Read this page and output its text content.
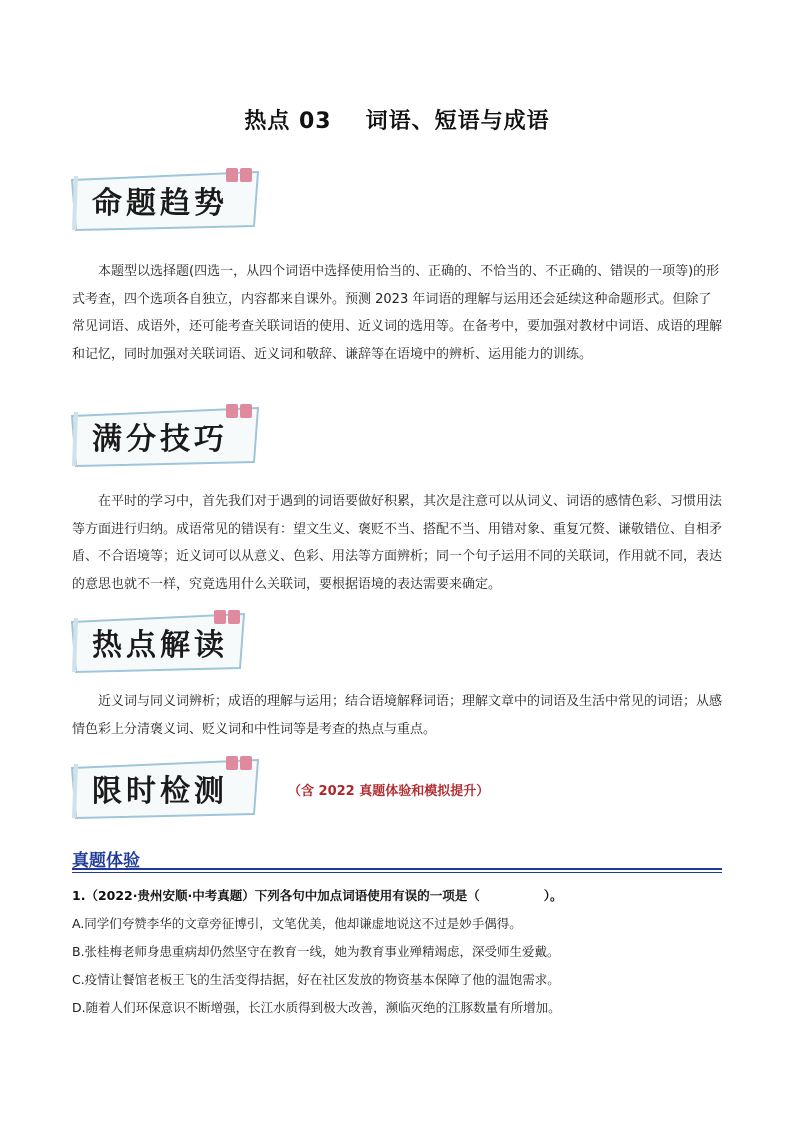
热点 03 词语、短语与成语
命题趋势

本题型以选择题(四选一，从四个词语中选择使用恰当的、正确的、不恰当的、不正确的、错误的一项等)的形式考查，四个选项各自独立，内容都来自课外。预测 2023 年词语的理解与运用还会延续这种命题形式。但除了常见词语、成语外，还可能考查关联词语的使用、近义词的选用等。在备考中，要加强对教材中词语、成语的理解和记忆，同时加强对关联词语、近义词和敬辞、谦辞等在语境中的辨析、运用能力的训练。

满分技巧

在平时的学习中，首先我们对于遇到的词语要做好积累，其次是注意可以从词义、词语的感情色彩、习惯用法等方面进行归纳。成语常见的错误有：望文生义、褒贬不当、搭配不当、用错对象、重复冗赘、谦敬错位、自相矛盾、不合语境等；近义词可以从意义、色彩、用法等方面辨析；同一个句子运用不同的关联词，作用就不同，表达的意思也就不一样，究竟选用什么关联词，要根据语境的表达需要来确定。

热点解读

近义词与同义词辨析；成语的理解与运用；结合语境解释词语；理解文章中的词语及生活中常见的词语；从感情色彩上分清褒义词、贬义词和中性词等是考查的热点与重点。

限时检测	（含 2022 真题体验和模拟提升）
真题体验
1.（2022·贵州安顺·中考真题）下列各句中加点词语使用有误的一项是（	）。
A.同学们夸赞李华的文章旁征博引，文笔优美，他却谦虚地说这不过是妙手偶得。
B.张桂梅老师身患重病却仍然坚守在教育一线，她为教育事业殚精竭虑，深受师生爱戴。
C.疫情让餐馆老板王飞的生活变得拮据，好在社区发放的物资基本保障了他的温饱需求。
D.随着人们环保意识不断增强，长江水质得到极大改善，濒临灭绝的江豚数量有所增加。
